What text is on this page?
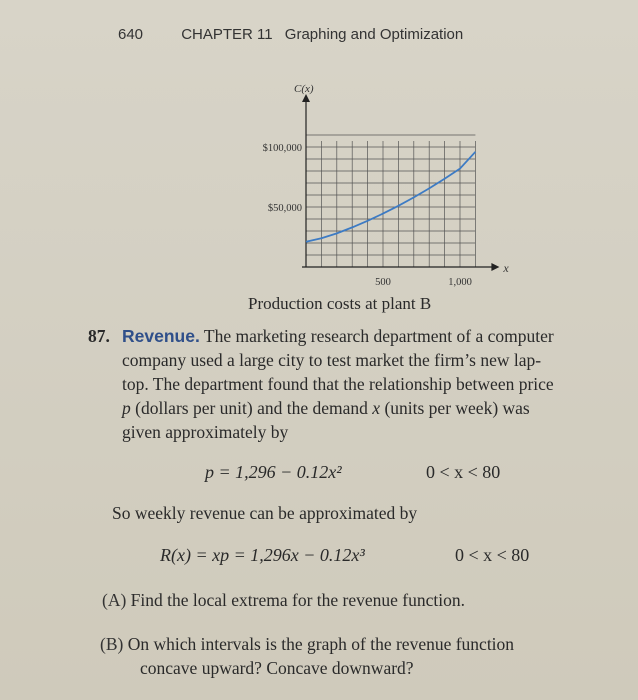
640	CHAPTER 11 Graphing and Optimization
C(x)
x
$100,000
$50,000
500	1,000
Production costs at plant B
87. Revenue. The marketing research department of a computer
company used a large city to test market the firm’s new lap-
top. The department found that the relationship between price
p (dollars per unit) and the demand x (units per week) was
given approximately by
p = 1,296 − 0.12x²	0 < x < 80
So weekly revenue can be approximated by
R(x) = xp = 1,296x − 0.12x³	0 < x < 80
(A) Find the local extrema for the revenue function.
(B) On which intervals is the graph of the revenue function
concave upward? Concave downward?
